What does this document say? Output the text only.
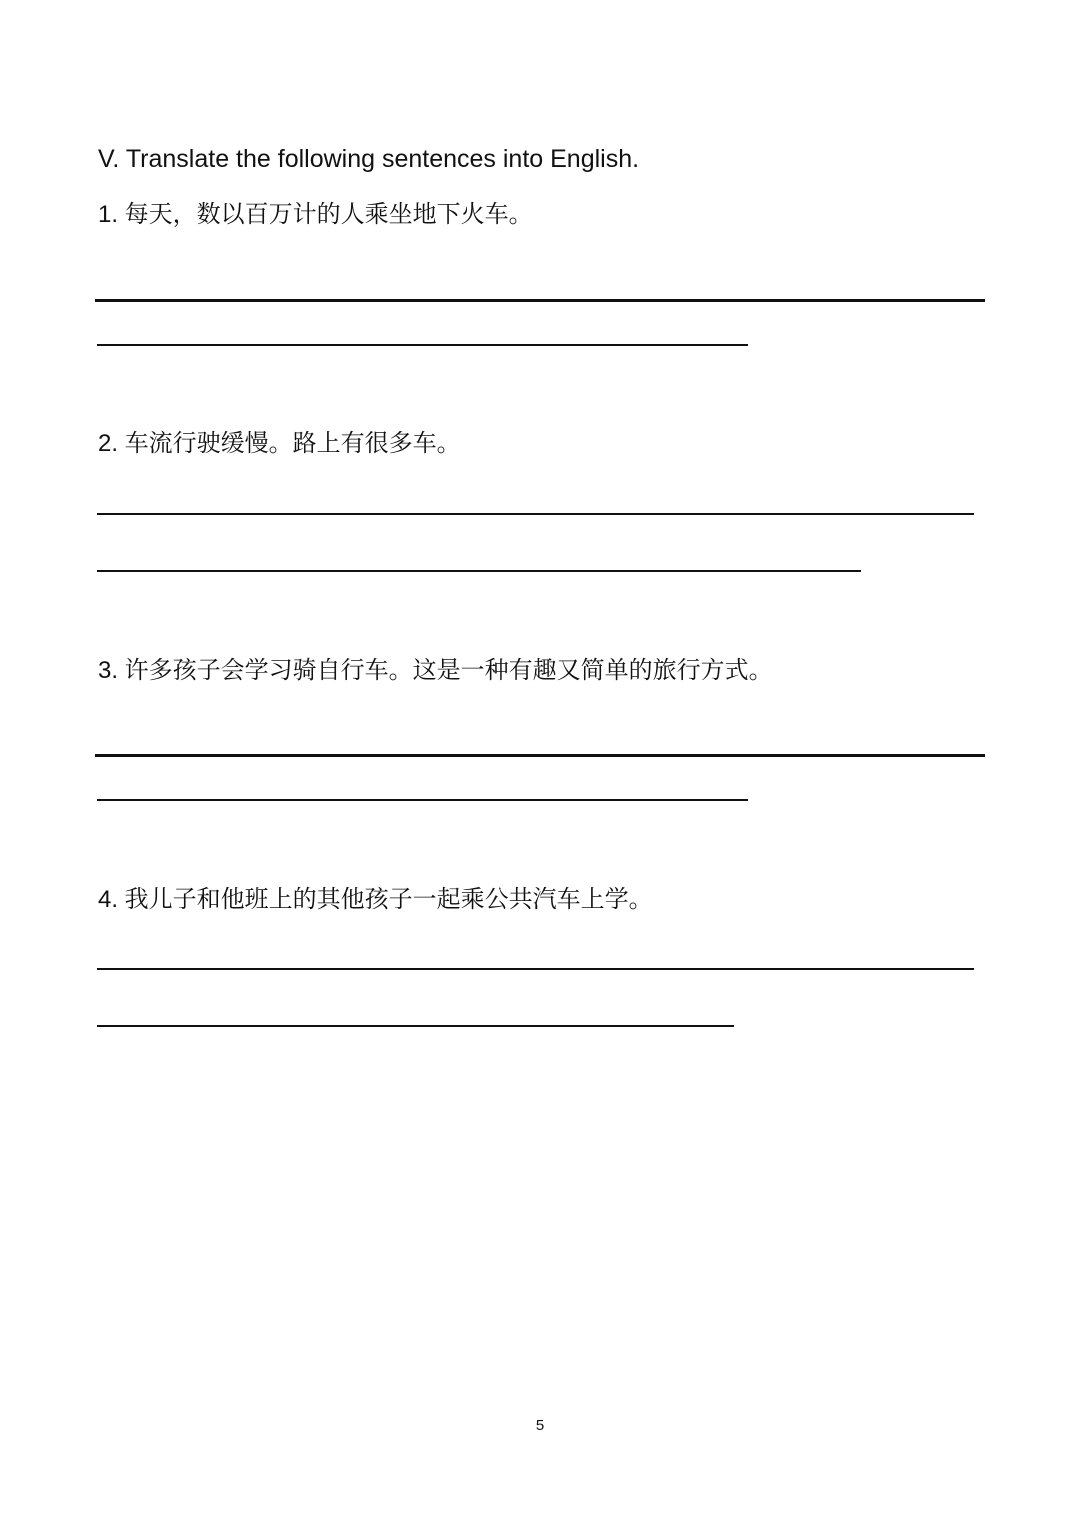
V. Translate the following sentences into English.
1. 每天，数以百万计的人乘坐地下火车。
2. 车流行驶缓慢。路上有很多车。
3. 许多孩子会学习骑自行车。这是一种有趣又简单的旅行方式。
4. 我儿子和他班上的其他孩子一起乘公共汽车上学。
5
